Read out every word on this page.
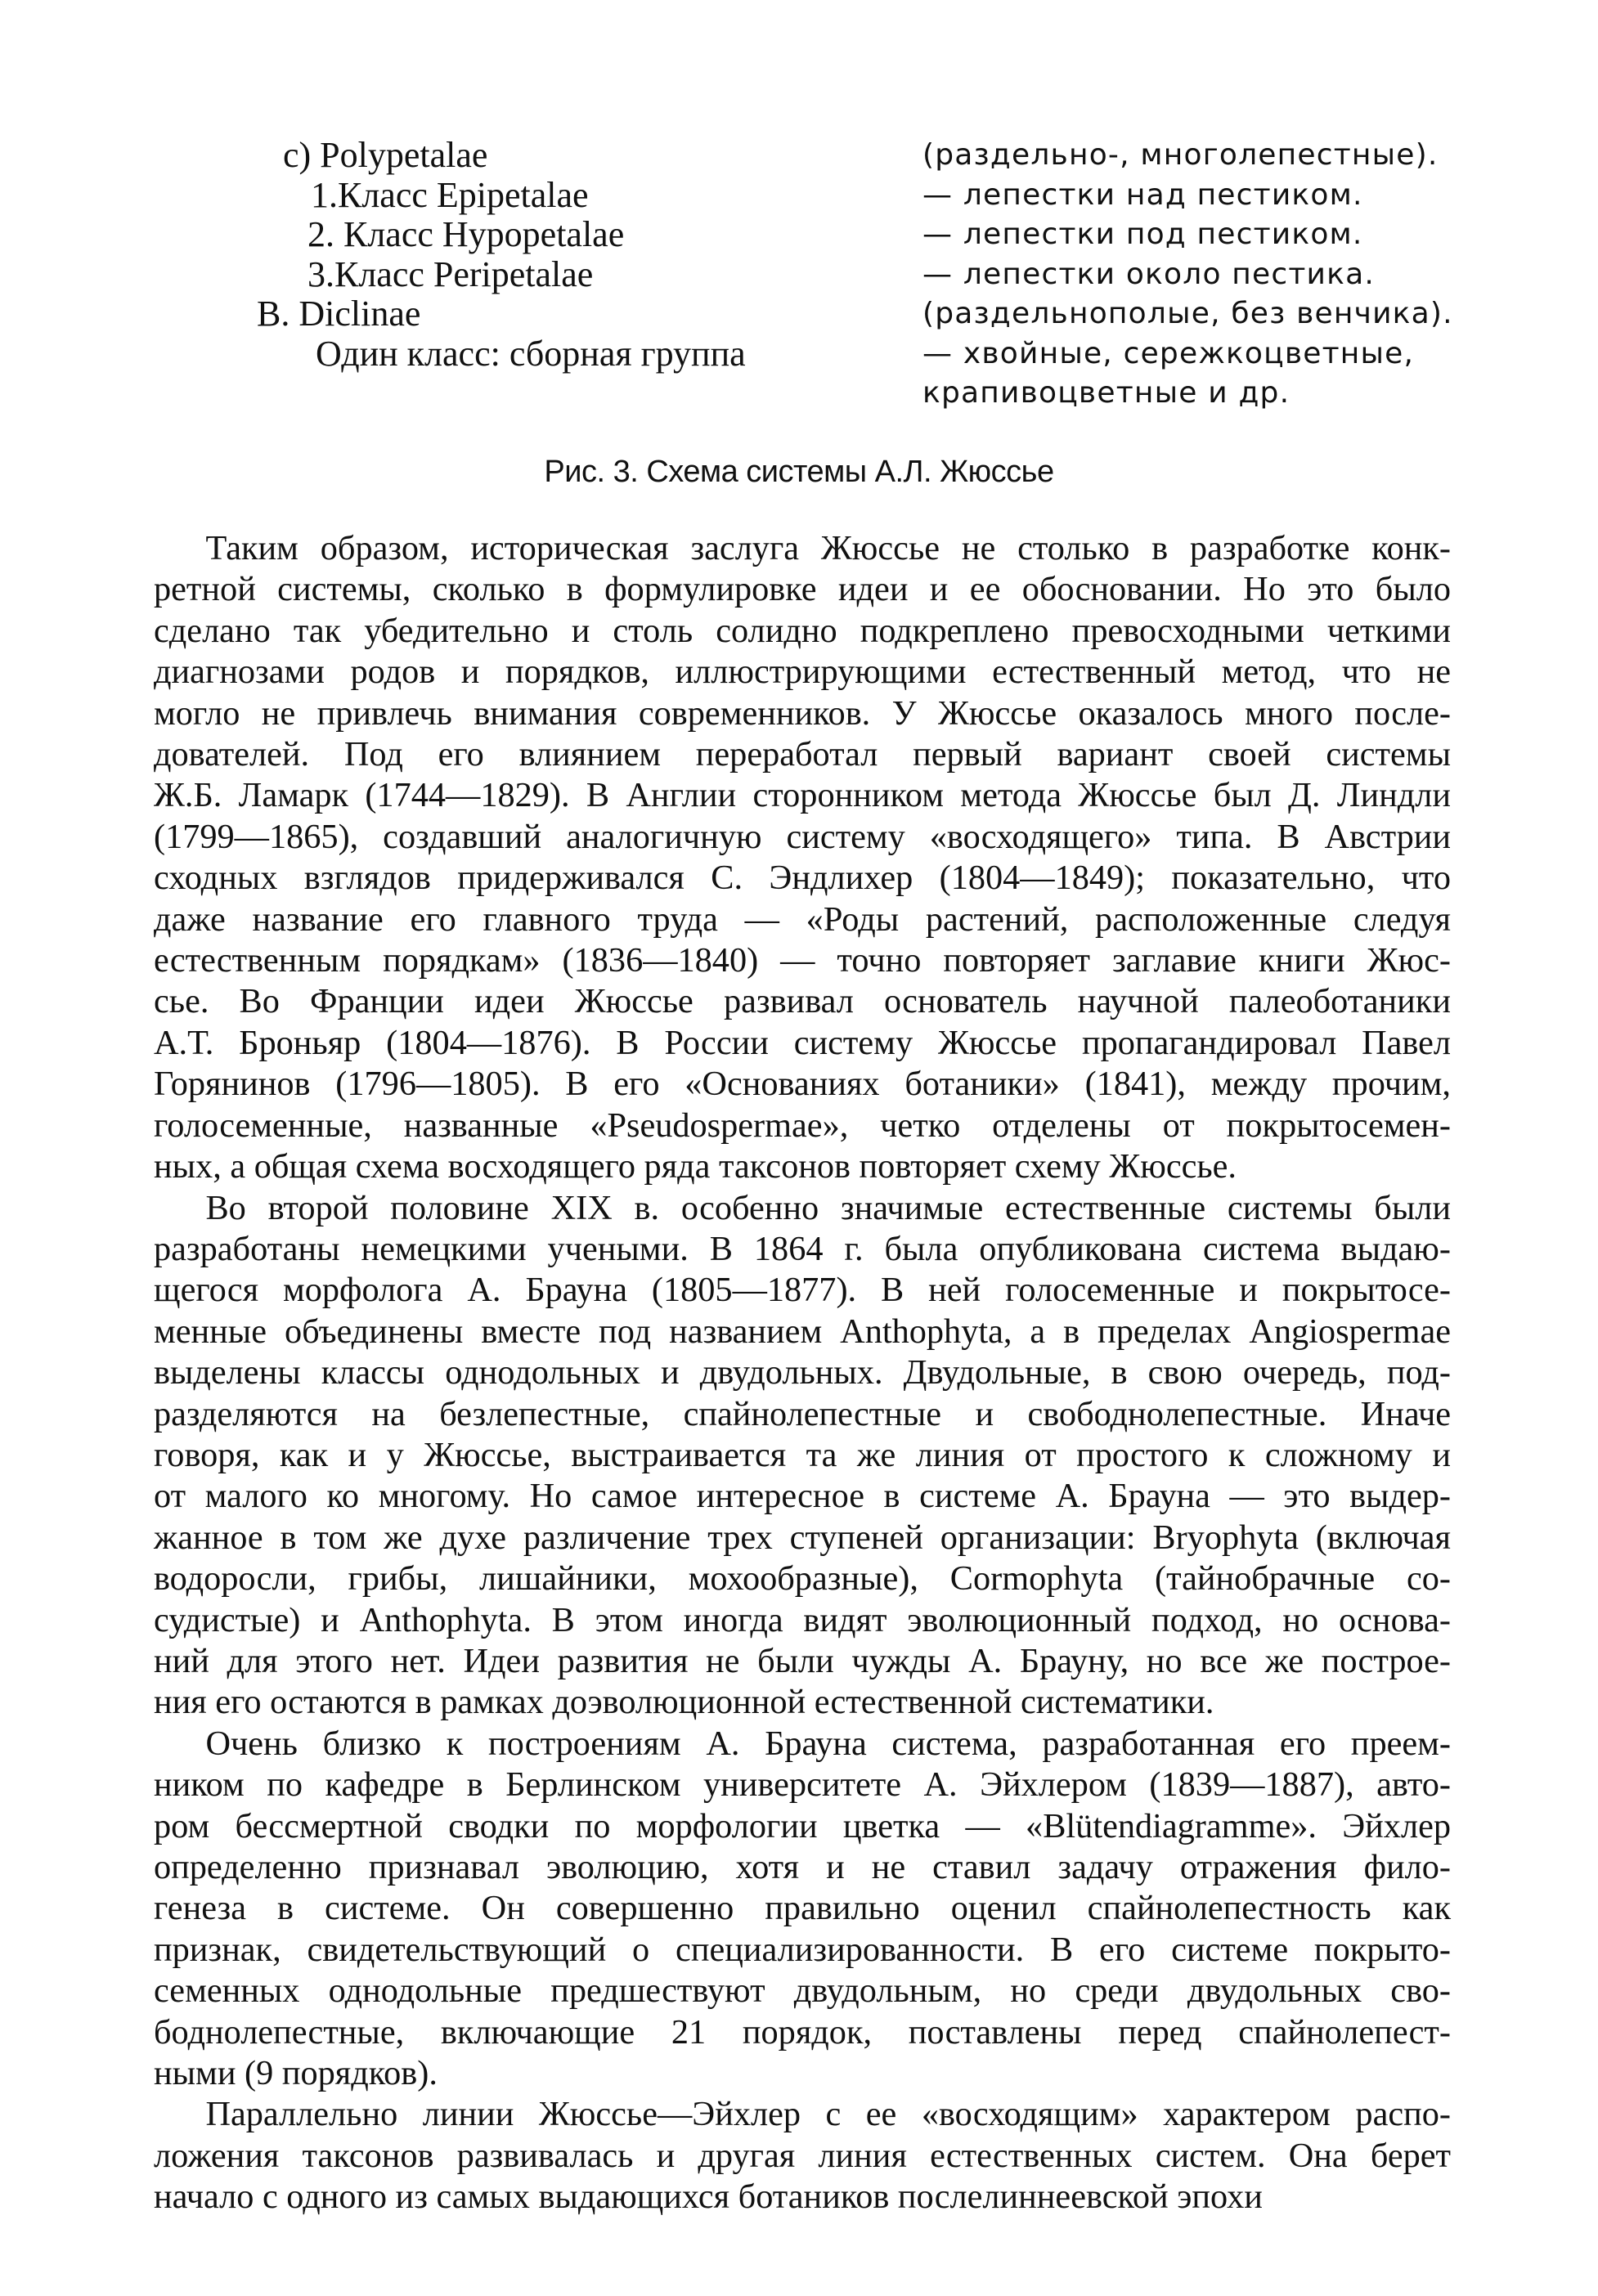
c) Polypetalae	(раздельно-, многолепестные).
1.Класс Epipetalae	— лепестки над пестиком.
2. Класс Hypopetalae	— лепестки под пестиком.
3.Класс Peripetalae	— лепестки около пестика.
B. Diclinae	(раздельнополые, без венчика).
Один класс: сборная группа	— хвойные, сережкоцветные,
крапивоцветные и др.
Рис. 3. Схема системы А.Л. Жюссье

  Таким образом, историческая заслуга Жюссье не столько в разработке конк-
ретной системы, сколько в формулировке идеи и ее обосновании. Но это было
сделано так убедительно и столь солидно подкреплено превосходными четкими
диагнозами родов и порядков, иллюстрирующими естественный метод, что не
могло не привлечь внимания современников. У Жюссье оказалось много после-
дователей. Под его влиянием переработал первый вариант своей системы
Ж.Б. Ламарк (1744—1829). В Англии сторонником метода Жюссье был Д. Линдли
(1799—1865), создавший аналогичную систему «восходящего» типа. В Австрии
сходных взглядов придерживался С. Эндлихер (1804—1849); показательно, что
даже название его главного труда — «Роды растений, расположенные следуя
естественным порядкам» (1836—1840) — точно повторяет заглавие книги Жюс-
сье. Во Франции идеи Жюссье развивал основатель научной палеоботаники
А.Т. Броньяр (1804—1876). В России систему Жюссье пропагандировал Павел
Горянинов (1796—1805). В его «Основаниях ботаники» (1841), между прочим,
голосеменные, названные «Pseudospermae», четко отделены от покрытосемен-
ных, а общая схема восходящего ряда таксонов повторяет схему Жюссье.

  Во второй половине XIX в. особенно значимые естественные системы были
разработаны немецкими учеными. В 1864 г. была опубликована система выдаю-
щегося морфолога А. Брауна (1805—1877). В ней голосеменные и покрытосе-
менные объединены вместе под названием Anthophyta, а в пределах Angiospermae
выделены классы однодольных и двудольных. Двудольные, в свою очередь, под-
разделяются на безлепестные, спайнолепестные и свободнолепестные. Иначе
говоря, как и у Жюссье, выстраивается та же линия от простого к сложному и
от малого ко многому. Но самое интересное в системе А. Брауна — это выдер-
жанное в том же духе различение трех ступеней организации: Bryophyta (включая
водоросли, грибы, лишайники, мохообразные), Cormophyta (тайнобрачные со-
судистые) и Anthophyta. В этом иногда видят эволюционный подход, но основа-
ний для этого нет. Идеи развития не были чужды А. Брауну, но все же построе-
ния его остаются в рамках доэволюционной естественной систематики.

  Очень близко к построениям А. Брауна система, разработанная его преем-
ником по кафедре в Берлинском университете А. Эйхлером (1839—1887), авто-
ром бессмертной сводки по морфологии цветка — «Blütendiagramme». Эйхлер
определенно признавал эволюцию, хотя и не ставил задачу отражения фило-
генеза в системе. Он совершенно правильно оценил спайнолепестность как
признак, свидетельствующий о специализированности. В его системе покрыто-
семенных однодольные предшествуют двудольным, но среди двудольных сво-
боднолепестные, включающие 21 порядок, поставлены перед спайнолепест-
ными (9 порядков).

  Параллельно линии Жюссье—Эйхлер с ее «восходящим» характером распо-
ложения таксонов развивалась и другая линия естественных систем. Она берет
начало с одного из самых выдающихся ботаников послелиннеевской эпохи
